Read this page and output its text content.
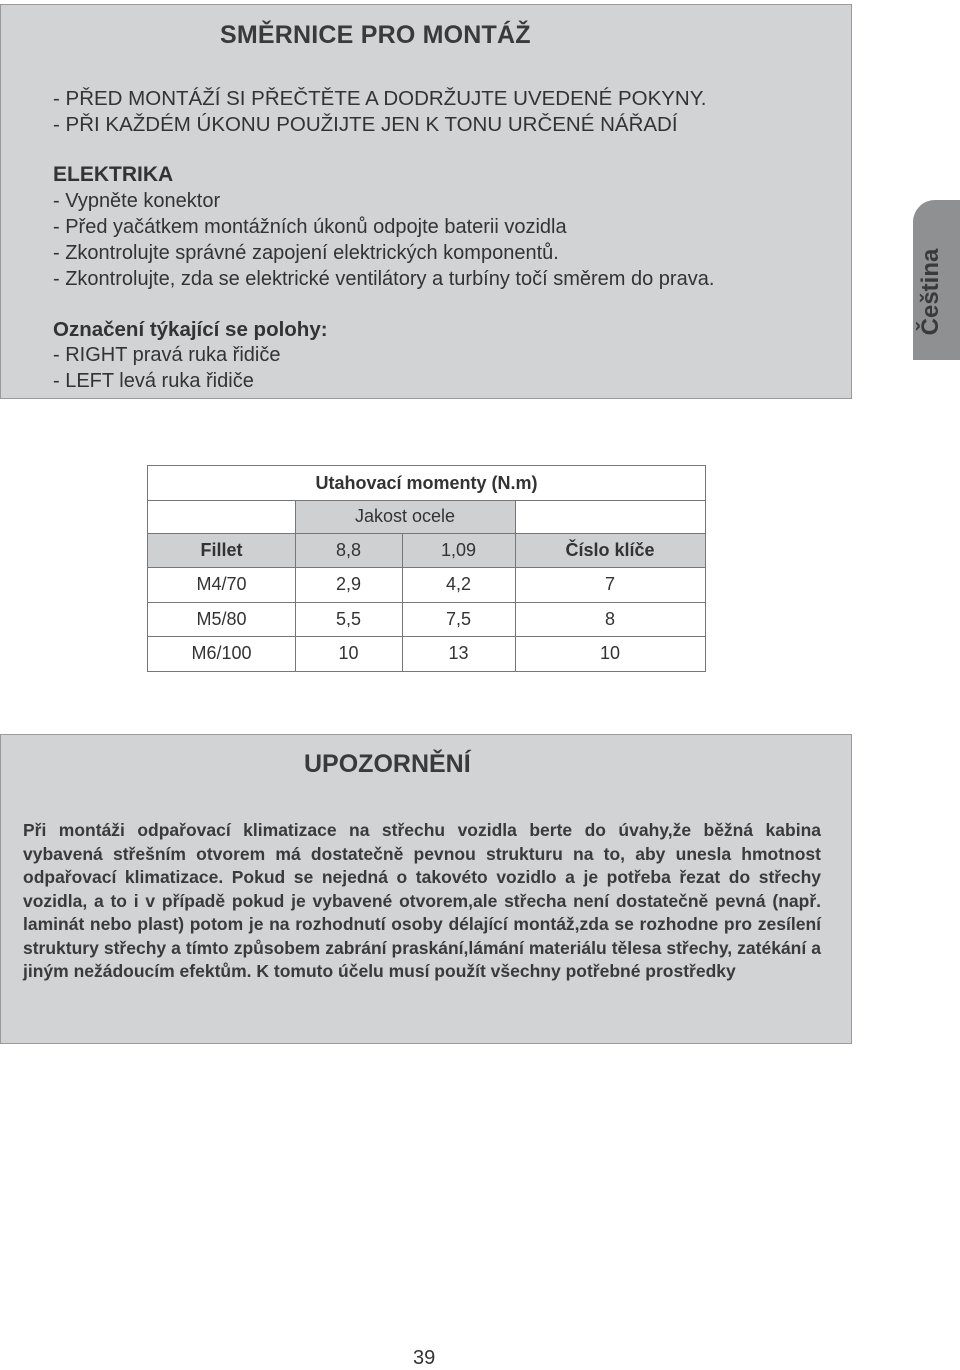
SMĚRNICE PRO MONTÁŽ
- PŘED MONTÁŽÍ SI PŘEČTĚTE A DODRŽUJTE UVEDENÉ POKYNY.
- PŘI KAŽDÉM ÚKONU POUŽIJTE JEN K TONU URČENÉ NÁŘADÍ
ELEKTRIKA
- Vypněte konektor
- Před yačátkem montážních úkonů odpojte baterii vozidla
- Zkontrolujte správné zapojení elektrických komponentů.
- Zkontrolujte, zda se elektrické ventilátory a turbíny točí směrem do prava.
Označení týkající se polohy:
- RIGHT pravá ruka řidiče
- LEFT levá ruka řidiče
Čeština
Utahovací momenty (N.m)
Jakost ocele
Fillet	8,8	1,09	Číslo klíče
M4/70	2,9	4,2	7
M5/80	5,5	7,5	8
M6/100	10	13	10
UPOZORNĚNÍ

Při montáži odpařovací klimatizace na střechu vozidla berte do úvahy,že běžná kabina vybavená střešním otvorem má dostatečně pevnou strukturu na to, aby unesla hmotnost odpařovací klimatizace. Pokud se nejedná o takovéto vozidlo a je potřeba řezat do střechy vozidla, a to i v případě pokud je vybavené otvorem,ale střecha není dostatečně pevná (např. laminát nebo plast) potom je na rozhodnutí osoby délající montáž,zda se rozhodne pro zesílení struktury střechy a tímto způsobem zabrání praskání,lámání materiálu tělesa střechy, zatékání a jiným nežádoucím efektům. K tomuto účelu musí použít všechny potřebné prostředky

39
